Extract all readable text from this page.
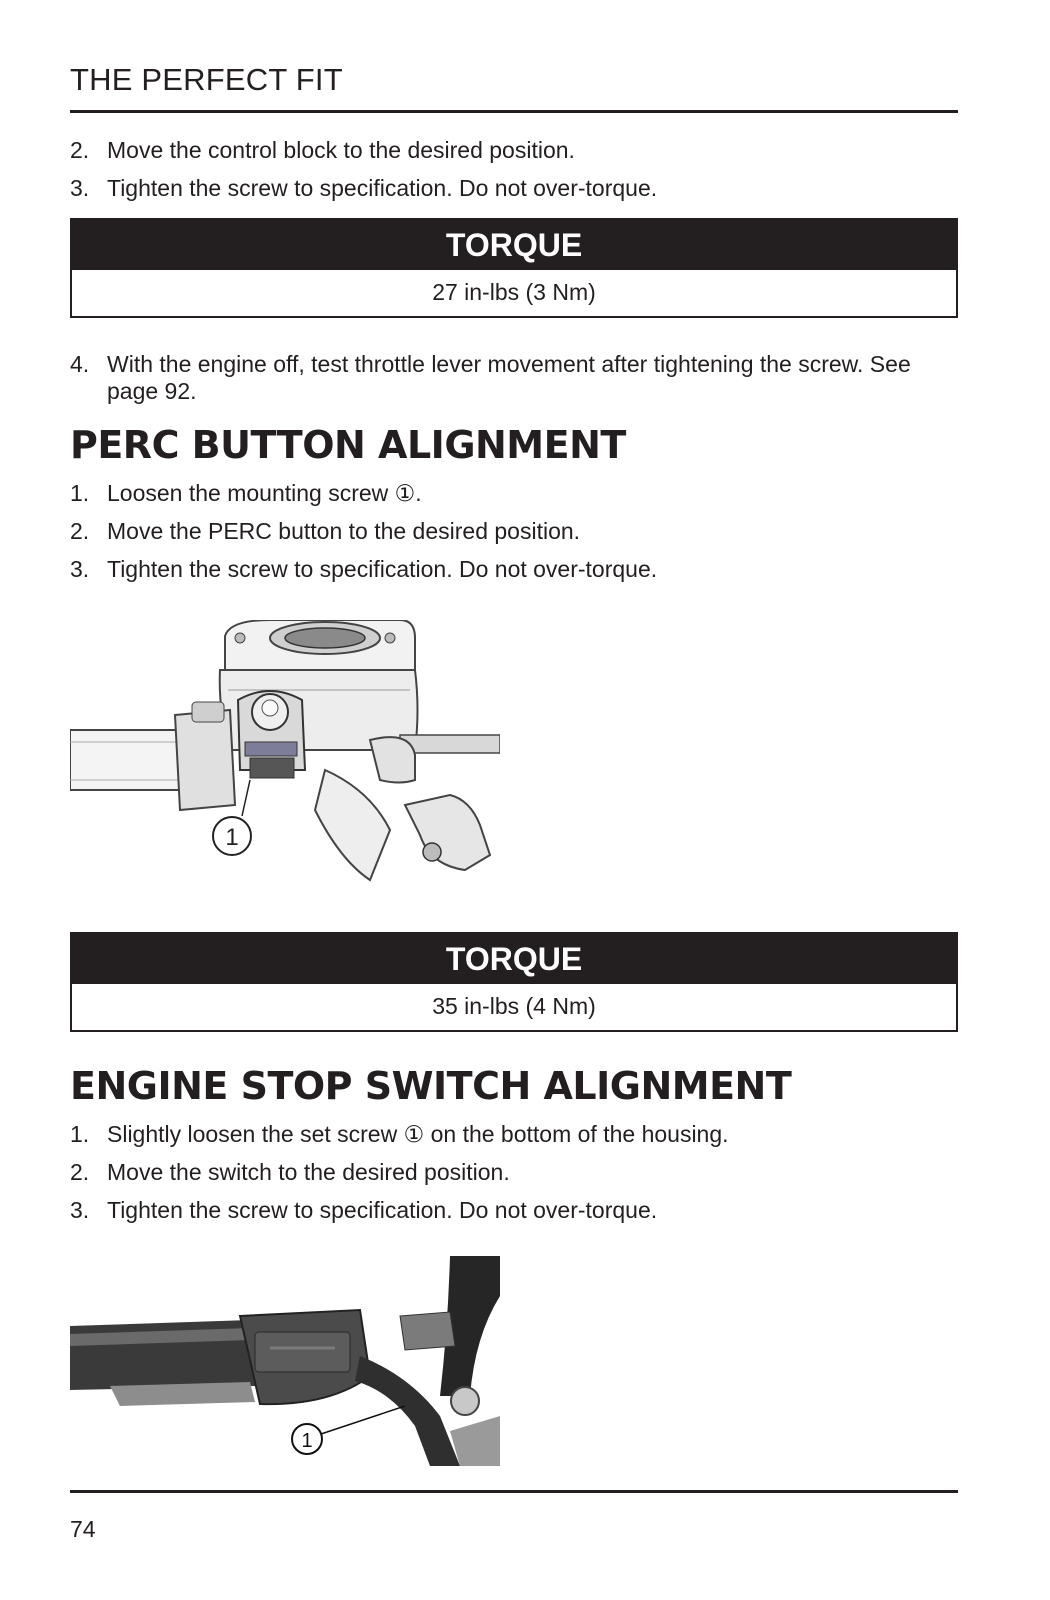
THE PERFECT FIT
2. Move the control block to the desired position.
3. Tighten the screw to specification. Do not over-torque.
TORQUE
27 in-lbs (3 Nm)
4. With the engine off, test throttle lever movement after tightening the screw. See page 92.
PERC BUTTON ALIGNMENT
1. Loosen the mounting screw ①.
2. Move the PERC button to the desired position.
3. Tighten the screw to specification. Do not over-torque.
1
TORQUE
35 in-lbs (4 Nm)
ENGINE STOP SWITCH ALIGNMENT
1. Slightly loosen the set screw ① on the bottom of the housing.
2. Move the switch to the desired position.
3. Tighten the screw to specification. Do not over-torque.
1
74
